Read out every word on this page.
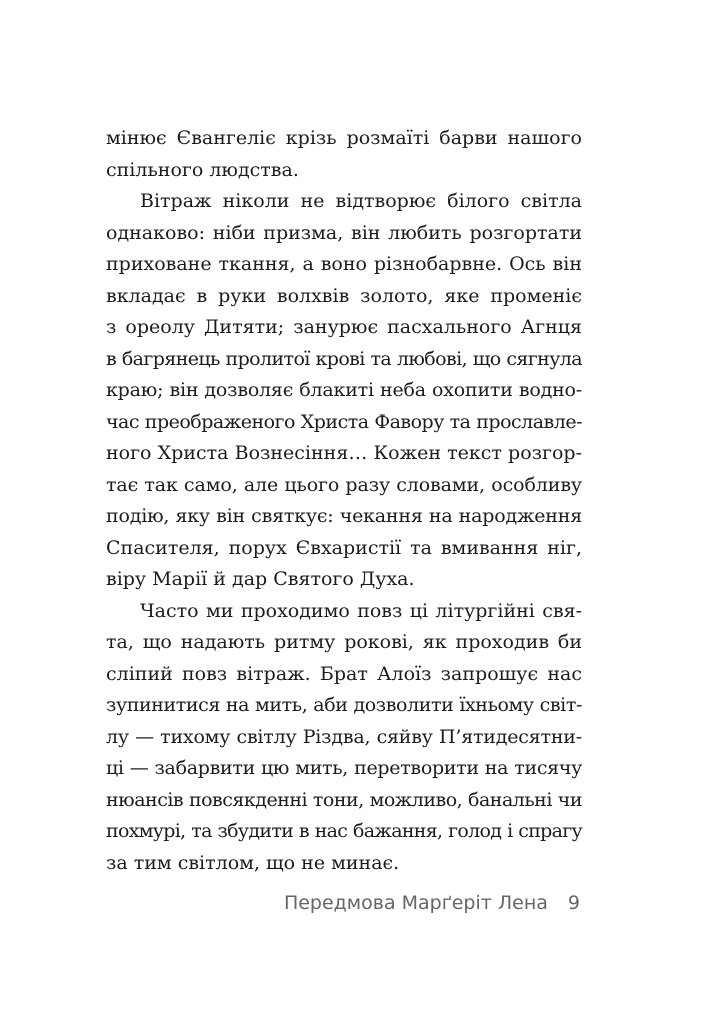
мінює Євангеліє крізь розмаїті барви нашого
спільного людства.
Вітраж ніколи не відтворює білого світла
однаково: ніби призма, він любить розгортати
приховане ткання, а воно різнобарвне. Ось він
вкладає в руки волхвів золото, яке променіє
з ореолу Дитяти; занурює пасхального Агнця
в багрянець пролитої крові та любові, що сягнула
краю; він дозволяє блакиті неба охопити водно-
час преображеного Христа Фавору та прославле-
ного Христа Вознесіння… Кожен текст розгор-
тає так само, але цього разу словами, особливу
подію, яку він святкує: чекання на народження
Спасителя, порух Євхаристії та вмивання ніг,
віру Марії й дар Святого Духа.
Часто ми проходимо повз ці літургійні свя-
та, що надають ритму рокові, як проходив би
сліпий повз вітраж. Брат Алоїз запрошує нас
зупинитися на мить, аби дозволити їхньому світ-
лу — тихому світлу Різдва, сяйву П’ятидесятни-
ці — забарвити цю мить, перетворити на тисячу
нюансів повсякденні тони, можливо, банальні чи
похмурі, та збудити в нас бажання, голод і спрагу
за тим світлом, що не минає.
Передмова Марґеріт Лена 9
